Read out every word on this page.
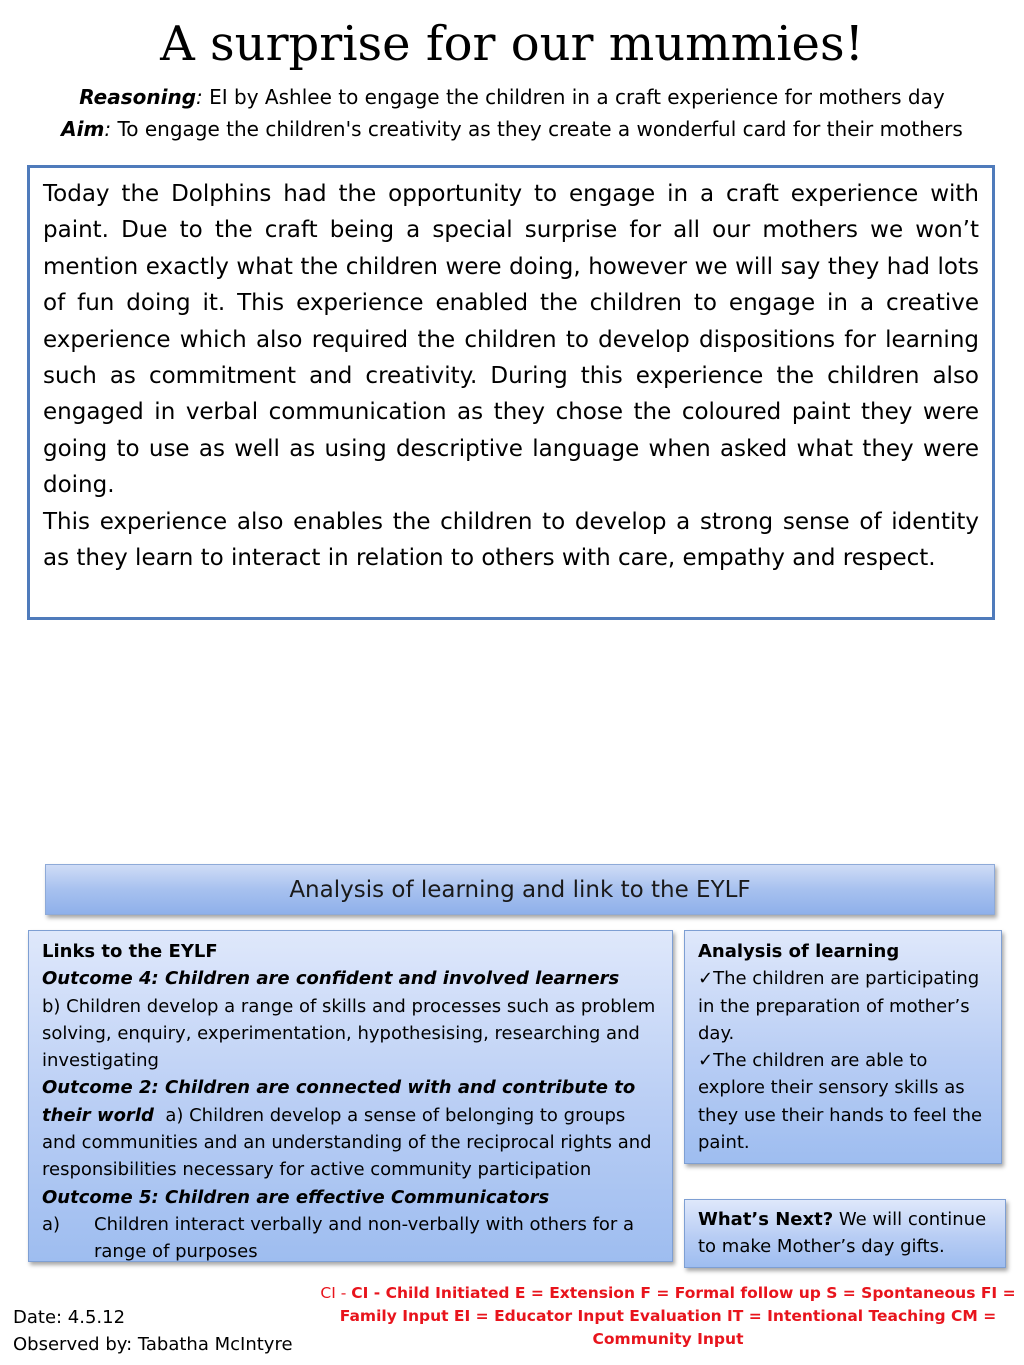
A surprise for our mummies!
Reasoning: EI by Ashlee to engage the children in a craft experience for mothers day
Aim: To engage the children's creativity as they create a wonderful card for their mothers

Today the Dolphins had the opportunity to engage in a craft experience with paint. Due to the craft being a special surprise for all our mothers we won’t mention exactly what the children were doing, however we will say they had lots of fun doing it. This experience enabled the children to engage in a creative experience which also required the children to develop dispositions for learning such as commitment and creativity. During this experience the children also engaged in verbal communication as they chose the coloured paint they were going to use as well as using descriptive language when asked what they were doing.

This experience also enables the children to develop a strong sense of identity as they learn to interact in relation to others with care, empathy and respect.

Analysis of learning and link to the EYLF
Links to the EYLF
Outcome 4: Children are confident and involved learners
b) Children develop a range of skills and processes such as problem solving, enquiry, experimentation, hypothesising, researching and investigating
Outcome 2: Children are connected with and contribute to their world  a) Children develop a sense of belonging to groups and communities and an understanding of the reciprocal rights and responsibilities necessary for active community participation
Outcome 5: Children are effective Communicators
a)	Children interact verbally and non-verbally with others for a range of purposes
Analysis of learning
✓The children are participating in the preparation of mother’s day.
✓The children are able to explore their sensory skills as they use their hands to feel the paint.
What’s Next? We will continue to make Mother’s day gifts.
CI - CI - Child Initiated E = Extension F = Formal follow up S = Spontaneous FI = Family Input EI = Educator Input Evaluation IT = Intentional Teaching CM = Community Input
Date: 4.5.12
Observed by: Tabatha McIntyre
